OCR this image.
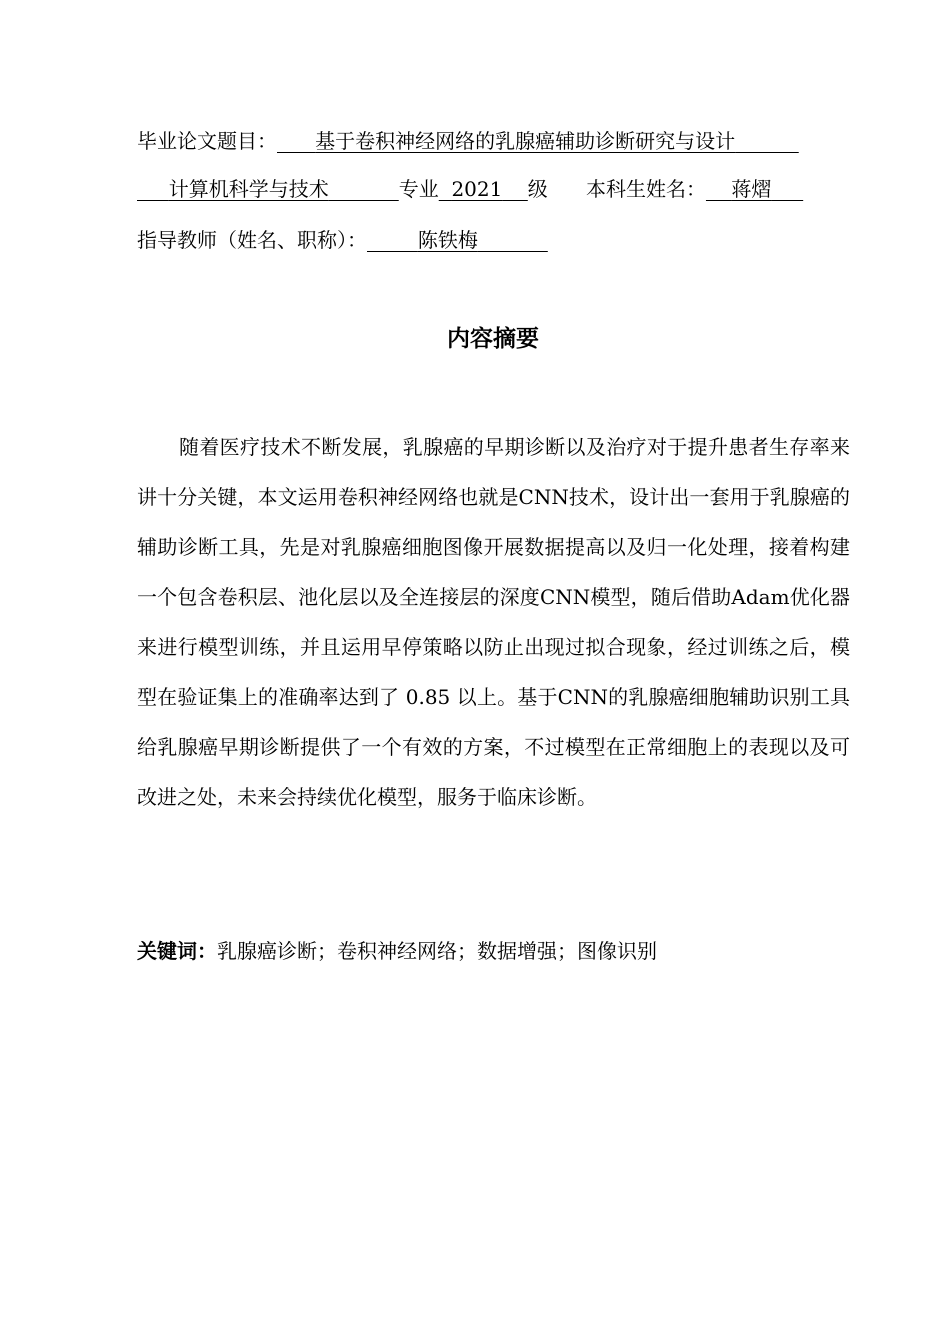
毕业论文题目： 基于卷积神经网络的乳腺癌辅助诊断研究与设计
计算机科学与技术	专业 2021 级 本科生姓名： 蒋熠
指导教师（姓名、职称）：	陈铁梅
内容摘要

随着医疗技术不断发展，乳腺癌的早期诊断以及治疗对于提升患者生存率来讲十分关键，本文运用卷积神经网络也就是CNN技术，设计出一套用于乳腺癌的辅助诊断工具，先是对乳腺癌细胞图像开展数据提高以及归一化处理，接着构建一个包含卷积层、池化层以及全连接层的深度CNN模型，随后借助Adam优化器来进行模型训练，并且运用早停策略以防止出现过拟合现象，经过训练之后，模型在验证集上的准确率达到了 0.85 以上。基于CNN的乳腺癌细胞辅助识别工具给乳腺癌早期诊断提供了一个有效的方案，不过模型在正常细胞上的表现以及可改进之处，未来会持续优化模型，服务于临床诊断。

关键词：乳腺癌诊断；卷积神经网络；数据增强；图像识别
